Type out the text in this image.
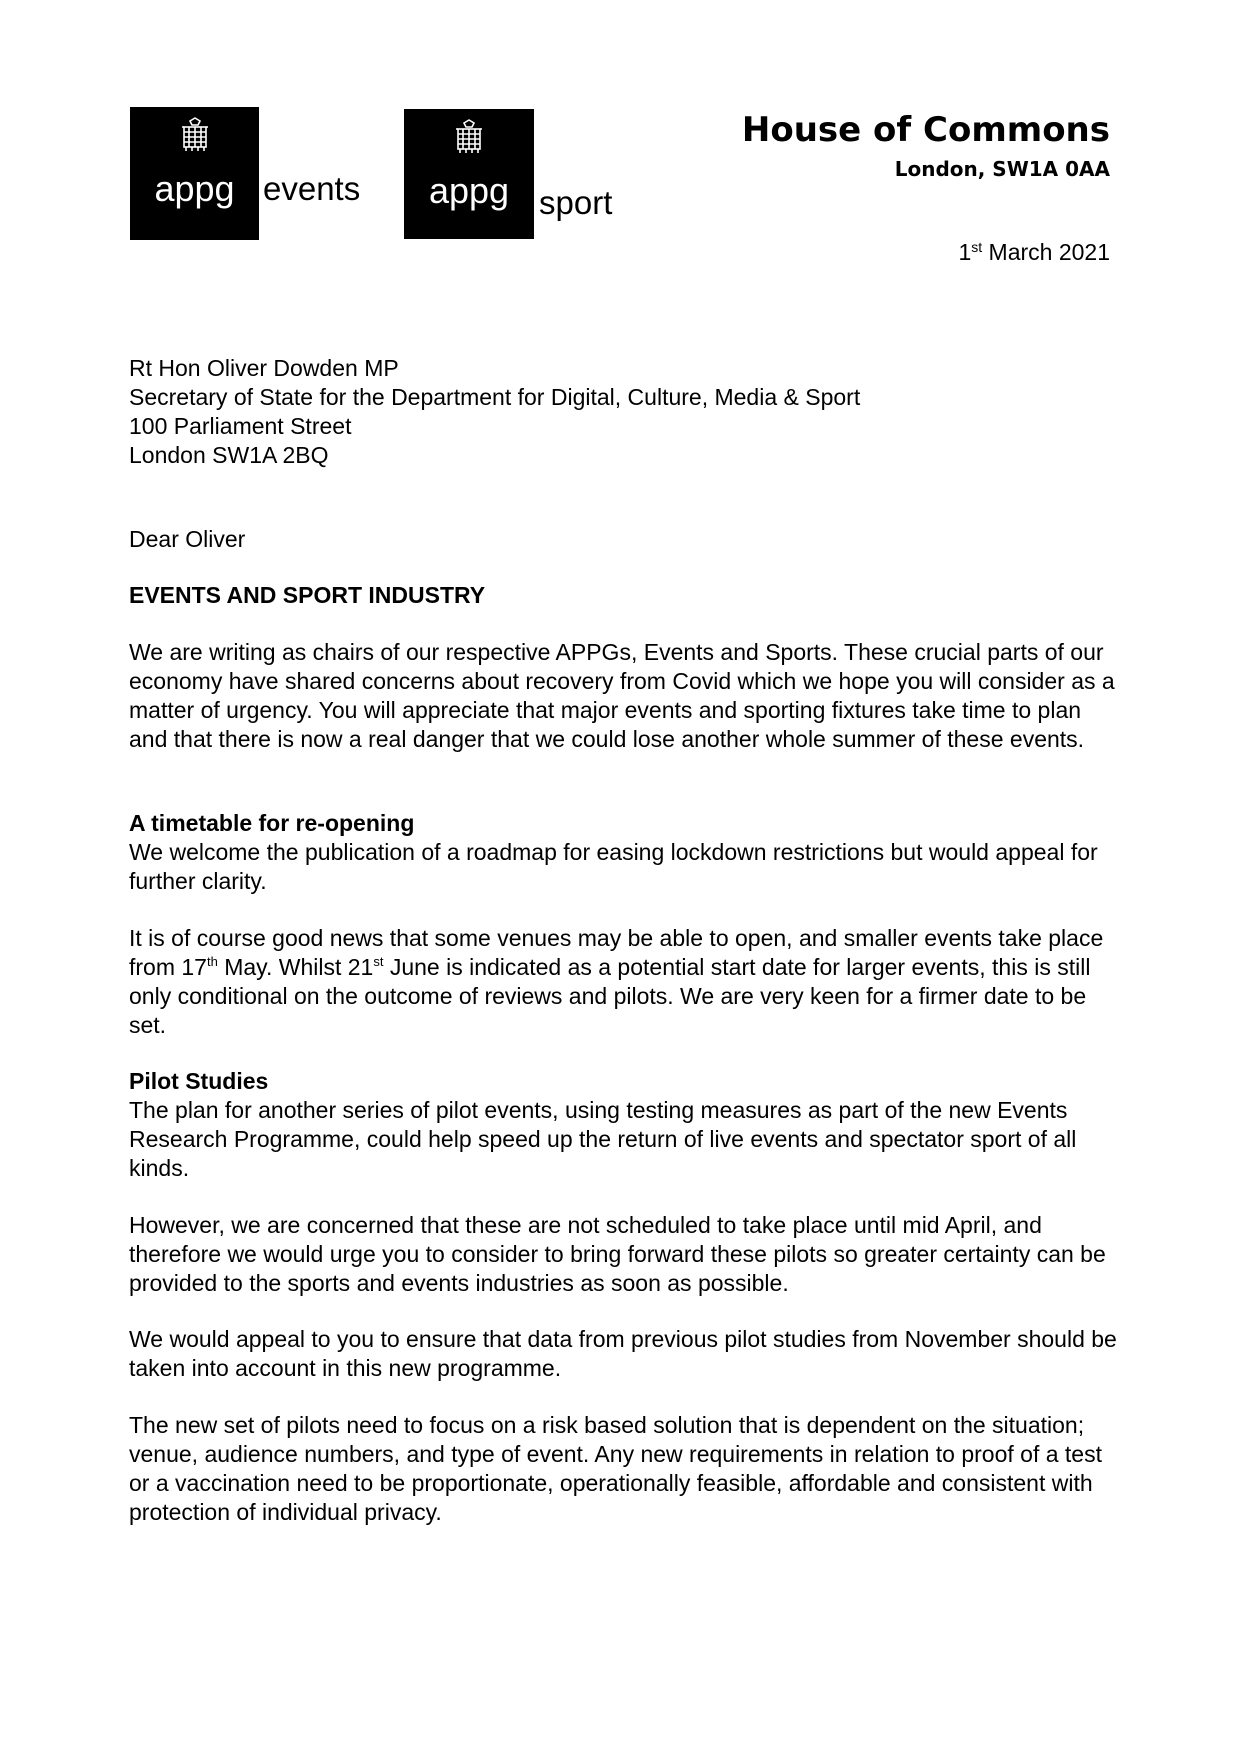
appg events	appg sport
House of Commons
London, SW1A 0AA
1st March 2021

Rt Hon Oliver Dowden MP

Secretary of State for the Department for Digital, Culture, Media & Sport

100 Parliament Street

London SW1A 2BQ

Dear Oliver
EVENTS AND SPORT INDUSTRY
We are writing as chairs of our respective APPGs, Events and Sports. These crucial parts of our economy have shared concerns about recovery from Covid which we hope you will consider as a matter of urgency. You will appreciate that major events and sporting fixtures take time to plan and that there is now a real danger that we could lose another whole summer of these events.
A timetable for re-opening
We welcome the publication of a roadmap for easing lockdown restrictions but would appeal for further clarity.
It is of course good news that some venues may be able to open, and smaller events take place from 17th May. Whilst 21st June is indicated as a potential start date for larger events, this is still only conditional on the outcome of reviews and pilots. We are very keen for a firmer date to be set.
Pilot Studies
The plan for another series of pilot events, using testing measures as part of the new Events Research Programme, could help speed up the return of live events and spectator sport of all kinds.
However, we are concerned that these are not scheduled to take place until mid April, and therefore we would urge you to consider to bring forward these pilots so greater certainty can be provided to the sports and events industries as soon as possible.
We would appeal to you to ensure that data from previous pilot studies from November should be taken into account in this new programme.
The new set of pilots need to focus on a risk based solution that is dependent on the situation; venue, audience numbers, and type of event. Any new requirements in relation to proof of a test or a vaccination need to be proportionate, operationally feasible, affordable and consistent with protection of individual privacy.
